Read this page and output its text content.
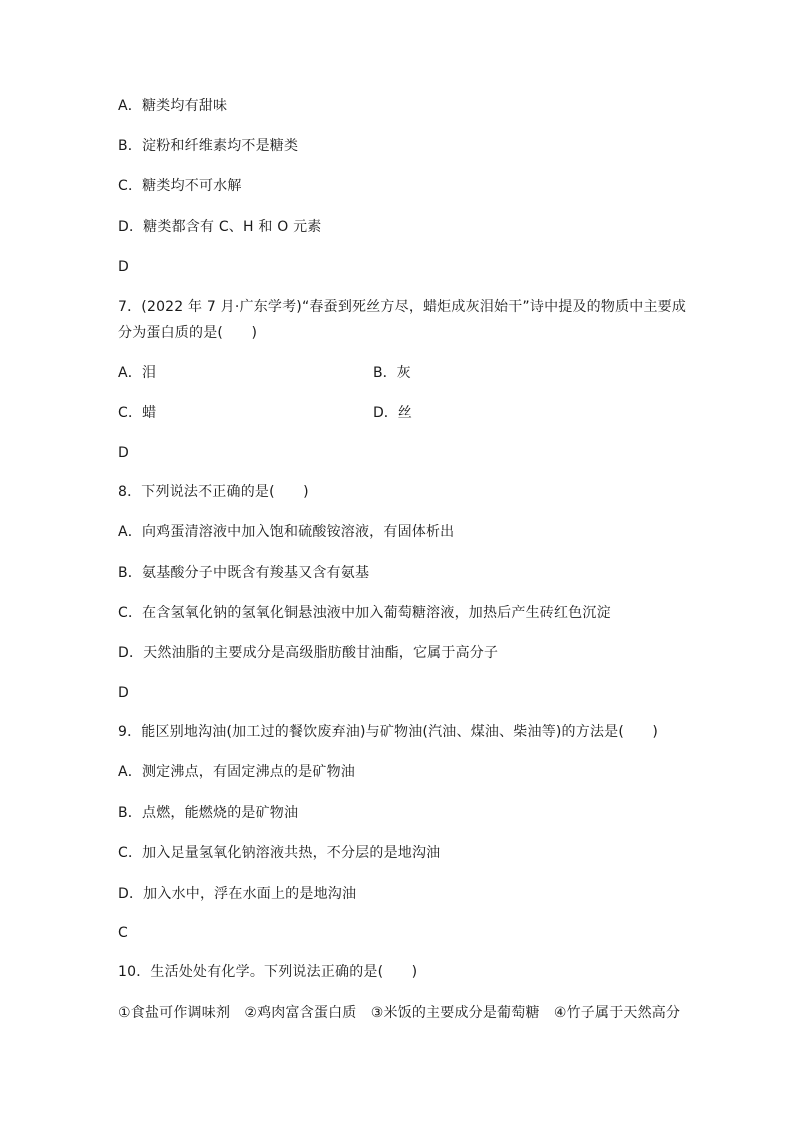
A．糖类均有甜味
B．淀粉和纤维素均不是糖类
C．糖类均不可水解
D．糖类都含有 C、H 和 O 元素
D
7．(2022 年 7 月·广东学考)“春蚕到死丝方尽，蜡炬成灰泪始干”诗中提及的物质中主要成
分为蛋白质的是(　　)
A．泪	B．灰
C．蜡	D．丝
D
8．下列说法不正确的是(　　)
A．向鸡蛋清溶液中加入饱和硫酸铵溶液，有固体析出
B．氨基酸分子中既含有羧基又含有氨基
C．在含氢氧化钠的氢氧化铜悬浊液中加入葡萄糖溶液，加热后产生砖红色沉淀
D．天然油脂的主要成分是高级脂肪酸甘油酯，它属于高分子
D
9．能区别地沟油(加工过的餐饮废弃油)与矿物油(汽油、煤油、柴油等)的方法是(　　)
A．测定沸点，有固定沸点的是矿物油
B．点燃，能燃烧的是矿物油
C．加入足量氢氧化钠溶液共热，不分层的是地沟油
D．加入水中，浮在水面上的是地沟油
C
10．生活处处有化学。下列说法正确的是(　　)
①食盐可作调味剂　②鸡肉富含蛋白质　③米饭的主要成分是葡萄糖　④竹子属于天然高分
